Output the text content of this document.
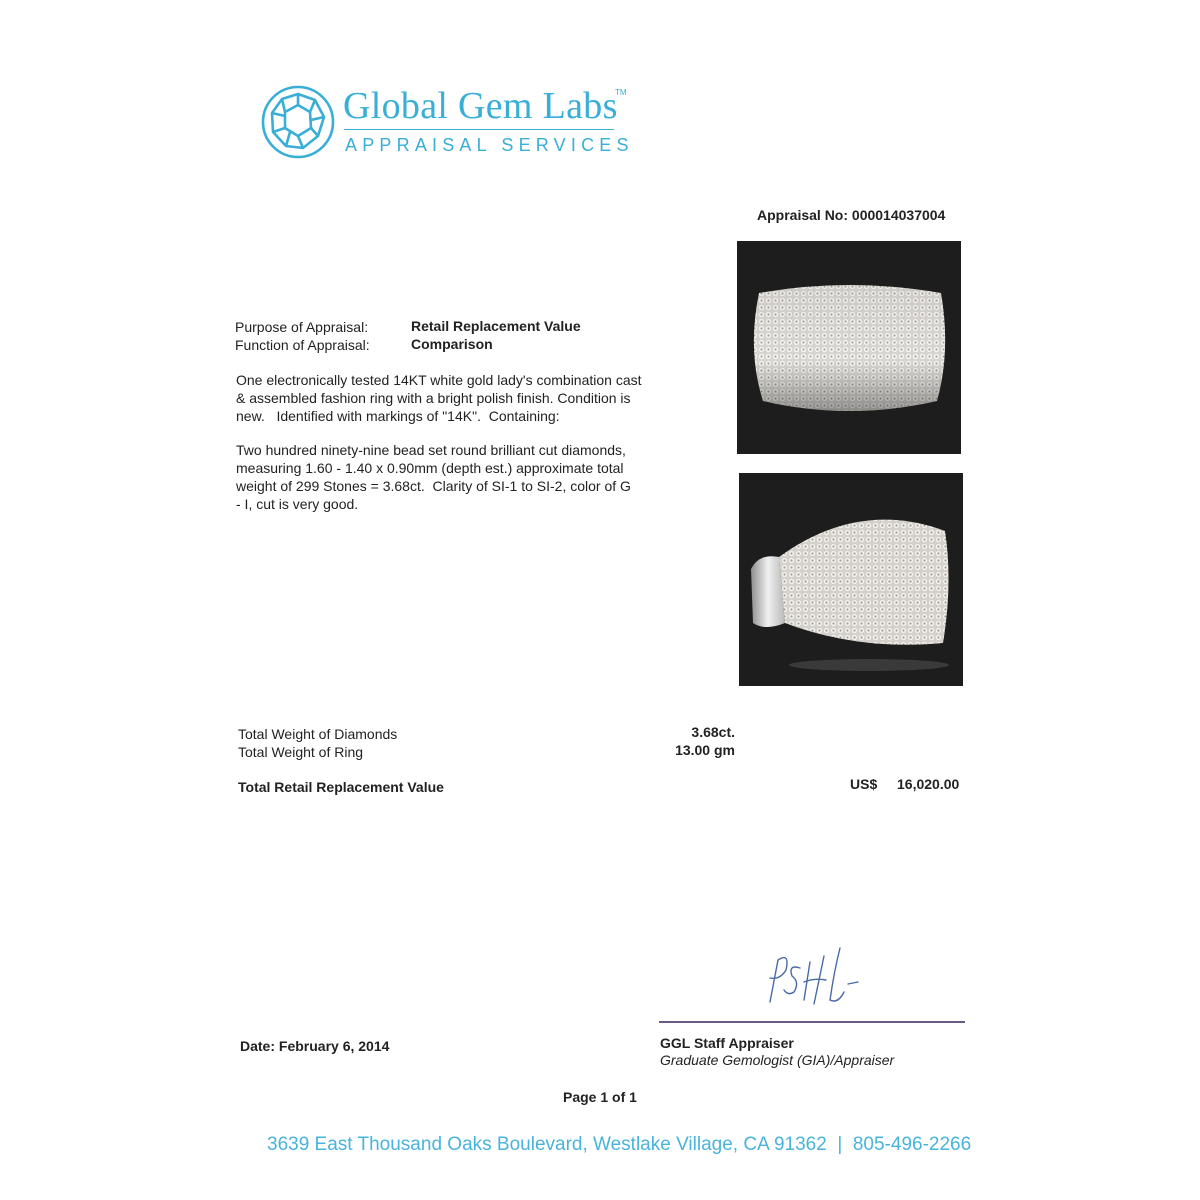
Global Gem Labs
TM
APPRAISAL SERVICES
Appraisal No: 000014037004
Purpose of Appraisal:	Retail Replacement Value
Function of Appraisal:	Comparison
One electronically tested 14KT white gold lady's combination cast
& assembled fashion ring with a bright polish finish. Condition is
new.   Identified with markings of "14K".  Containing:
Two hundred ninety-nine bead set round brilliant cut diamonds,
measuring 1.60 - 1.40 x 0.90mm (depth est.) approximate total
weight of 299 Stones = 3.68ct.  Clarity of SI-1 to SI-2, color of G
- I, cut is very good.
Total Weight of Diamonds	3.68ct.
Total Weight of Ring	13.00 gm
Total Retail Replacement Value	US$ 16,020.00
Date: February 6, 2014	GGL Staff Appraiser
Graduate Gemologist (GIA)/Appraiser
Page 1 of 1
3639 East Thousand Oaks Boulevard, Westlake Village, CA 91362  |  805-496-2266
